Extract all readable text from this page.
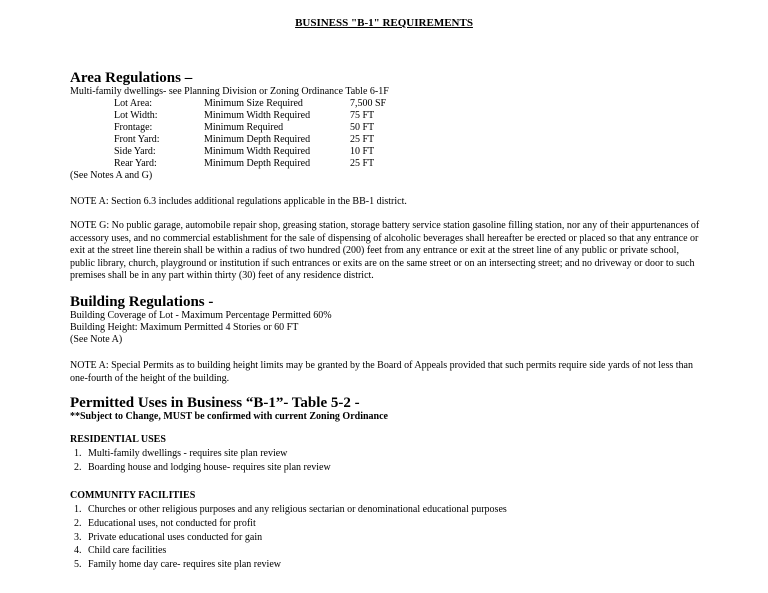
BUSINESS "B-1" REQUIREMENTS
Area Regulations –
Multi-family dwellings- see Planning Division or Zoning Ordinance Table 6-1F
Lot Area:	Minimum Size Required	7,500 SF
Lot Width:	Minimum Width Required	75 FT
Frontage:	Minimum Required	50 FT
Front Yard:	Minimum Depth Required	25 FT
Side Yard:	Minimum Width Required	10 FT
Rear Yard:	Minimum Depth Required	25 FT
(See Notes A and G)
NOTE A: Section 6.3 includes additional regulations applicable in the BB-1 district.

NOTE G: No public garage, automobile repair shop, greasing station, storage battery service station gasoline filling station, nor any of their appurtenances of accessory uses, and no commercial establishment for the sale of dispensing of alcoholic beverages shall hereafter be erected or placed so that any entrance or exit at the street line therein shall be within a radius of two hundred (200) feet from any entrance or exit at the street line of any public or private school, public library, church, playground or institution if such entrances or exits are on the same street or on an intersecting street; and no driveway or door to such premises shall be in any part within thirty (30) feet of any residence district.

Building Regulations -
Building Coverage of Lot - Maximum Percentage Permitted 60%
Building Height: Maximum Permitted 4 Stories or 60 FT
(See Note A)

NOTE A: Special Permits as to building height limits may be granted by the Board of Appeals provided that such permits require side yards of not less than one-fourth of the height of the building.

Permitted Uses in Business “B-1”- Table 5-2 -
**Subject to Change, MUST be confirmed with current Zoning Ordinance
RESIDENTIAL USES
1. Multi-family dwellings - requires site plan review
2. Boarding house and lodging house- requires site plan review
COMMUNITY FACILITIES
1. Churches or other religious purposes and any religious sectarian or denominational educational purposes
2. Educational uses, not conducted for profit
3. Private educational uses conducted for gain
4. Child care facilities
5. Family home day care- requires site plan review
